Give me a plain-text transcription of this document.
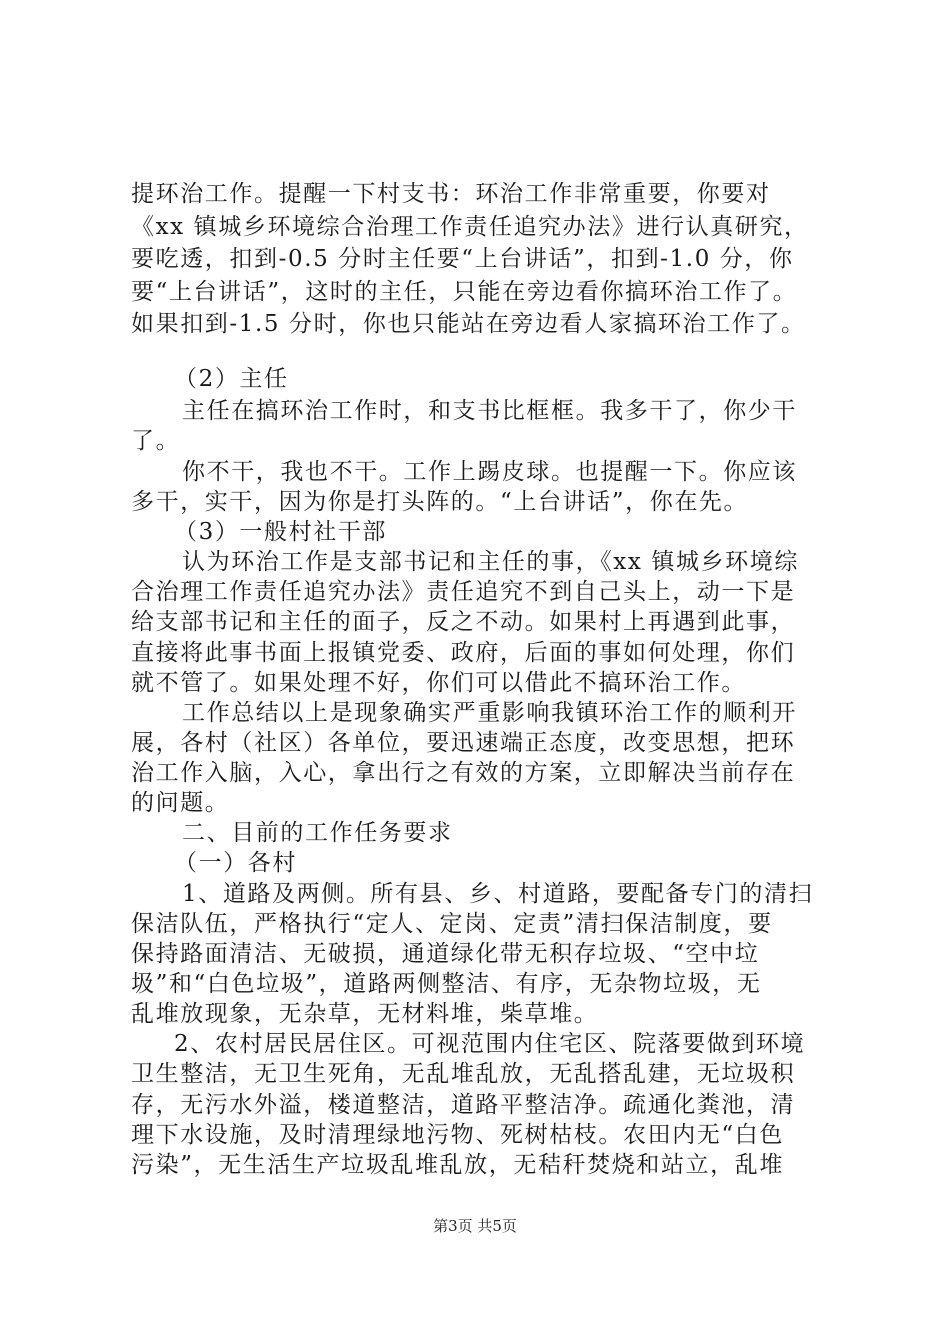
提环治工作。提醒一下村支书：环治工作非常重要，你要对
《xx 镇城乡环境综合治理工作责任追究办法》进行认真研究，
要吃透，扣到-0.5 分时主任要“上台讲话”，扣到-1.0 分，你
要“上台讲话”，这时的主任，只能在旁边看你搞环治工作了。
如果扣到-1.5 分时，你也只能站在旁边看人家搞环治工作了。
（2）主任
主任在搞环治工作时，和支书比框框。我多干了，你少干
了。
你不干，我也不干。工作上踢皮球。也提醒一下。你应该
多干，实干，因为你是打头阵的。“上台讲话”，你在先。
（3）一般村社干部
认为环治工作是支部书记和主任的事，《xx 镇城乡环境综
合治理工作责任追究办法》责任追究不到自己头上，动一下是
给支部书记和主任的面子，反之不动。如果村上再遇到此事，
直接将此事书面上报镇党委、政府，后面的事如何处理，你们
就不管了。如果处理不好，你们可以借此不搞环治工作。
工作总结以上是现象确实严重影响我镇环治工作的顺利开
展，各村（社区）各单位，要迅速端正态度，改变思想，把环
治工作入脑，入心，拿出行之有效的方案，立即解决当前存在
的问题。
二、目前的工作任务要求
（一）各村
1、道路及两侧。所有县、乡、村道路，要配备专门的清扫
保洁队伍，严格执行“定人、定岗、定责”清扫保洁制度，要
保持路面清洁、无破损，通道绿化带无积存垃圾、“空中垃
圾”和“白色垃圾”，道路两侧整洁、有序，无杂物垃圾，无
乱堆放现象，无杂草，无材料堆，柴草堆。
2、农村居民居住区。可视范围内住宅区、院落要做到环境
卫生整洁，无卫生死角，无乱堆乱放，无乱搭乱建，无垃圾积
存，无污水外溢，楼道整洁，道路平整洁净。疏通化粪池，清
理下水设施，及时清理绿地污物、死树枯枝。农田内无“白色
污染”，无生活生产垃圾乱堆乱放，无秸秆焚烧和站立，乱堆
第3页 共5页
